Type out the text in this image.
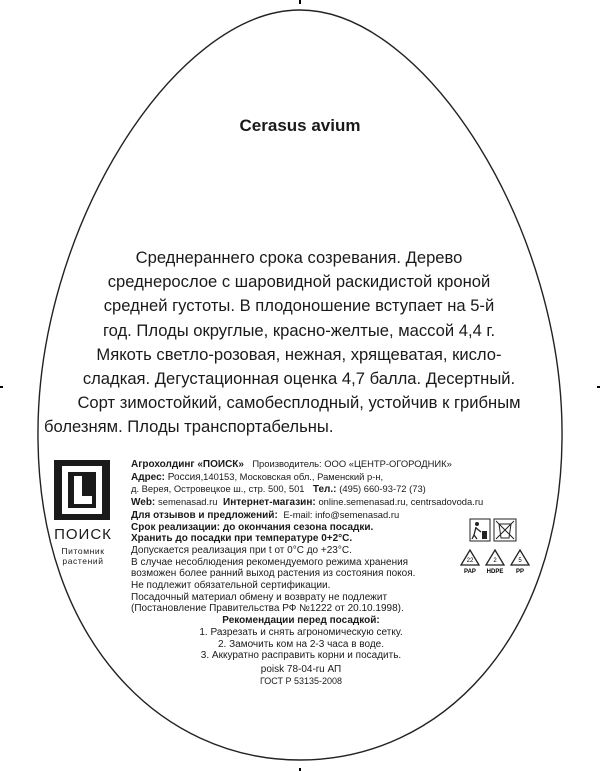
Cerasus avium
Среднераннего срока созревания. Дерево
среднерослое с шаровидной раскидистой кроной
средней густоты. В плодоношение вступает на 5-й
год. Плоды округлые, красно-желтые, массой 4,4 г.
Мякоть светло-розовая, нежная, хрящеватая, кисло-
сладкая. Дегустационная оценка 4,7 балла. Десертный.
Сорт зимостойкий, самобесплодный, устойчив к грибным
болезням. Плоды транспортабельны.
ПОИСК
Питомник
растений
Агрохолдинг «ПОИСК» Производитель: ООО «ЦЕНТР-ОГОРОДНИК»
Адрес: Россия,140153, Московская обл., Раменский р-н,
д. Верея, Островецкое ш., стр. 500, 501 Тел.: (495) 660-93-72 (73)
Web: semenasad.ru Интернет-магазин: online.semenasad.ru, centrsadovoda.ru
Для отзывов и предложений: E-mail: info@semenasad.ru
Срок реализации: до окончания сезона посадки.
Хранить до посадки при температуре 0+2°С.
Допускается реализация при t от 0°С до +23°С.
В случае несоблюдения рекомендуемого режима хранения
возможен более ранний выход растения из состояния покоя.
Не подлежит обязательной сертификации.
Посадочный материал обмену и возврату не подлежит
(Постановление Правительства РФ №1222 от 20.10.1998).
Рекомендации перед посадкой:
1. Разрезать и снять агрономическую сетку.
2. Замочить ком на 2-3 часа в воде.
3. Аккуратно расправить корни и посадить.
poisk 78-04-ru АП
ГОСТ Р 53135-2008
22
PAP
2
HDPE
5
PP
